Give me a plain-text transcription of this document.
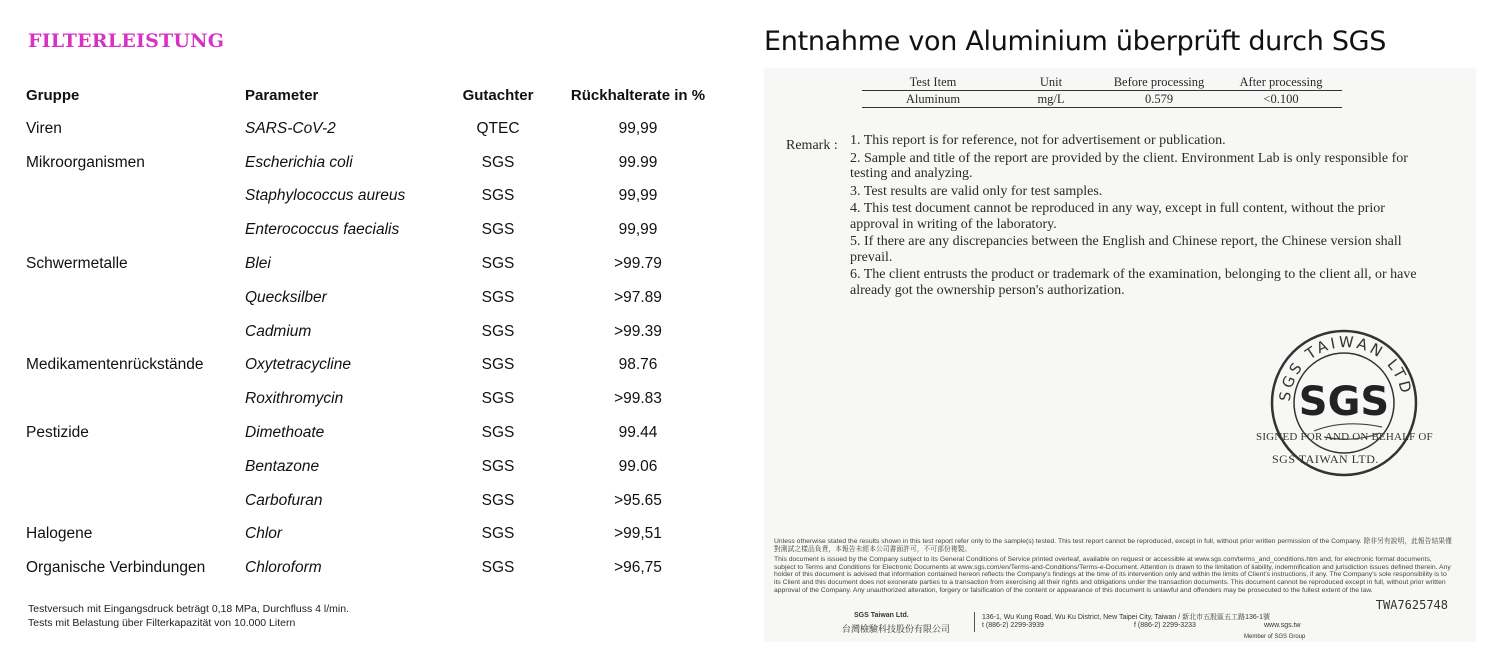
FILTERLEISTUNG
Gruppe	Parameter	Gutachter	Rückhalterate in %
Viren	SARS-CoV-2	QTEC	99,99
Mikroorganismen	Escherichia coli	SGS	99.99
	Staphylococcus aureus	SGS	99,99
	Enterococcus faecialis	SGS	99,99
Schwermetalle	Blei	SGS	>99.79
	Quecksilber	SGS	>97.89
	Cadmium	SGS	>99.39
Medikamentenrückstände	Oxytetracycline	SGS	98.76
	Roxithromycin	SGS	>99.83
Pestizide	Dimethoate	SGS	99.44
	Bentazone	SGS	99.06
	Carbofuran	SGS	>95.65
Halogene	Chlor	SGS	>99,51
Organische Verbindungen	Chloroform	SGS	>96,75
Testversuch mit Eingangsdruck beträgt 0,18 MPa, Durchfluss 4 l/min.
Tests mit Belastung über Filterkapazität von 10.000 Litern
Entnahme von Aluminium überprüft durch SGS
Test Item	Unit	Before processing	After processing
Aluminum	mg/L	0.579	<0.100
Remark : 1. This report is for reference, not for advertisement or publication.
2. Sample and title of the report are provided by the client. Environment Lab is only responsible for testing and analyzing.
3. Test results are valid only for test samples.
4. This test document cannot be reproduced in any way, except in full content, without the prior approval in writing of the laboratory.
5. If there are any discrepancies between the English and Chinese report, the Chinese version shall prevail.
6. The client entrusts the product or trademark of the examination, belonging to the client all, or have already got the ownership person's authorization.
SGS TAIWAN LTD
SGS
SIGNED FOR AND ON BEHALF OF
SGS TAIWAN LTD.

Unless otherwise stated the results shown in this test report refer only to the sample(s) tested. This test report cannot be reproduced, except in full, without prior written permission of the Company. 除非另有說明，此報告結果僅對測試之樣品負責，本報告未經本公司書面許可，不可部份複製。

This document is issued by the Company subject to its General Conditions of Service printed overleaf, available on request or accessible at www.sgs.com/terms_and_conditions.htm and, for electronic format documents, subject to Terms and Conditions for Electronic Documents at www.sgs.com/en/Terms-and-Conditions/Terms-e-Document. Attention is drawn to the limitation of liability, indemnification and jurisdiction issues defined therein. Any holder of this document is advised that information contained hereon reflects the Company's findings at the time of its intervention only and within the limits of Client's instructions, if any. The Company's sole responsibility is to its Client and this document does not exonerate parties to a transaction from exercising all their rights and obligations under the transaction documents. This document cannot be reproduced except in full, without prior written approval of the Company. Any unauthorized alteration, forgery or falsification of the content or appearance of this document is unlawful and offenders may be prosecuted to the fullest extent of the law.

TWA7625748
SGS Taiwan Ltd.
台灣檢驗科技股份有限公司
136-1, Wu Kung Road, Wu Ku District, New Taipei City, Taiwan / 新北市五股區五工路136-1號
t (886-2) 2299-3939	f (886-2) 2299-3233	www.sgs.tw
Member of SGS Group
